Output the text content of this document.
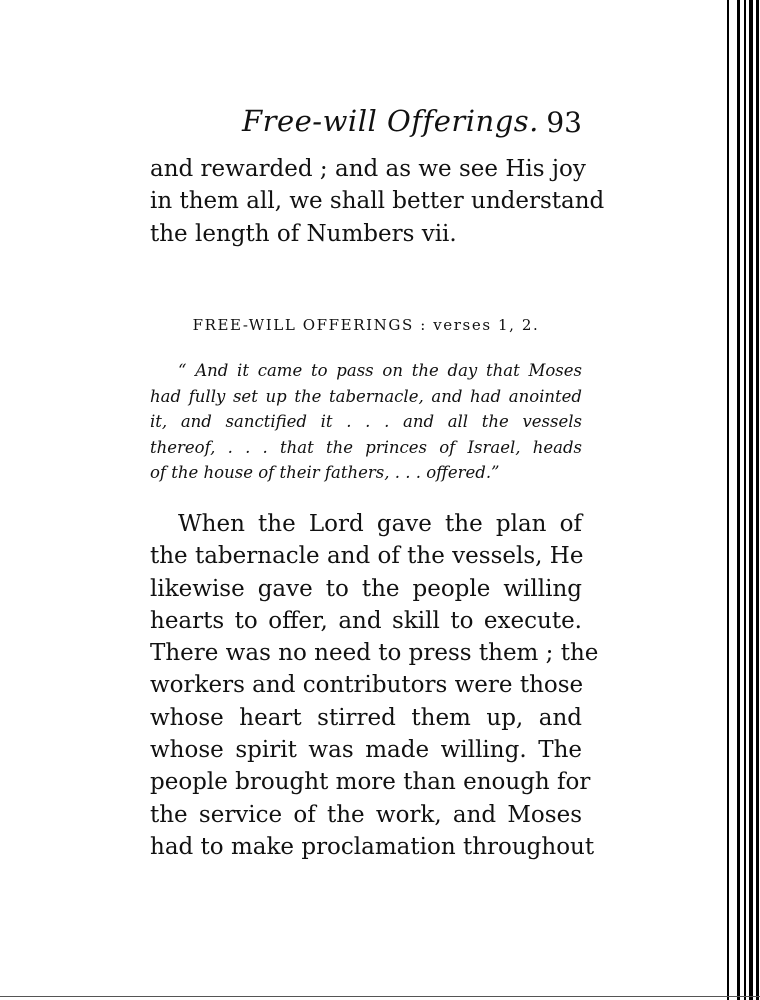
Free-will Offerings. 93
and rewarded ; and as we see His joy
in them all, we shall better understand
the length of Numbers vii.
FREE-WILL OFFERINGS : verses 1, 2.
“ And it came to pass on the day that Moses
had fully set up the tabernacle, and had anointed
it, and sanctified it . . . and all the vessels
thereof, . . . that the princes of Israel, heads
of the house of their fathers, . . . offered.”
When the Lord gave the plan of
the tabernacle and of the vessels, He
likewise gave to the people willing
hearts to offer, and skill to execute.
There was no need to press them ; the
workers and contributors were those
whose heart stirred them up, and
whose spirit was made willing. The
people brought more than enough for
the service of the work, and Moses
had to make proclamation throughout
